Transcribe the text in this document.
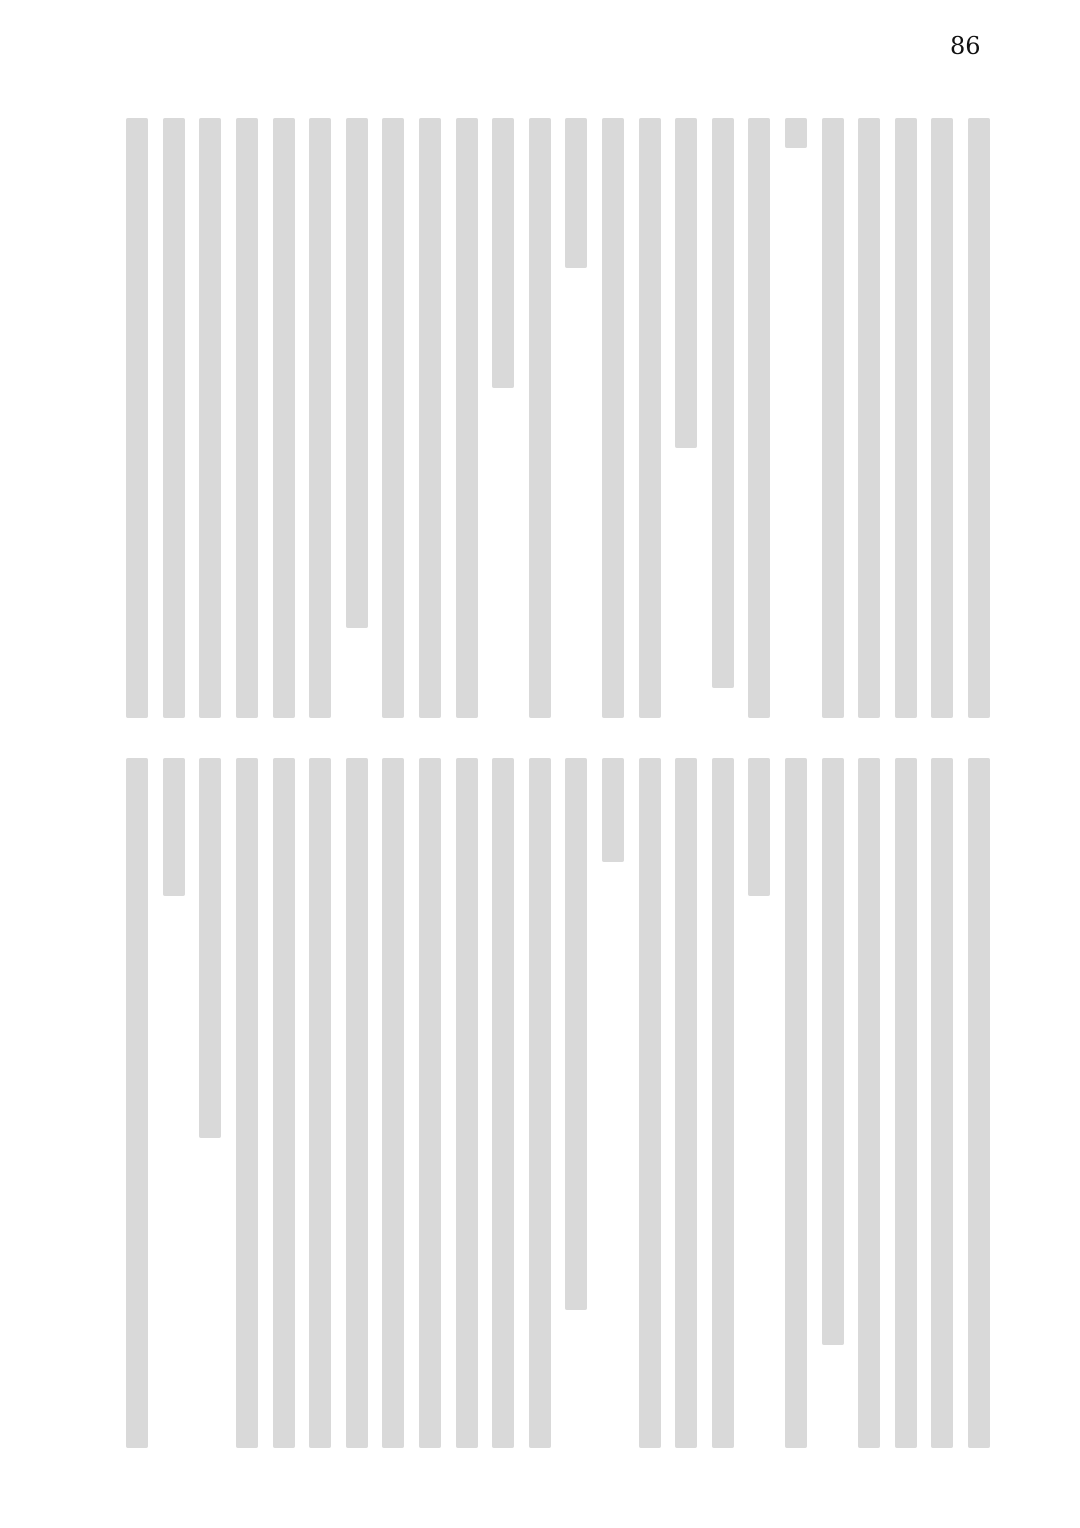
86
Body text omitted
